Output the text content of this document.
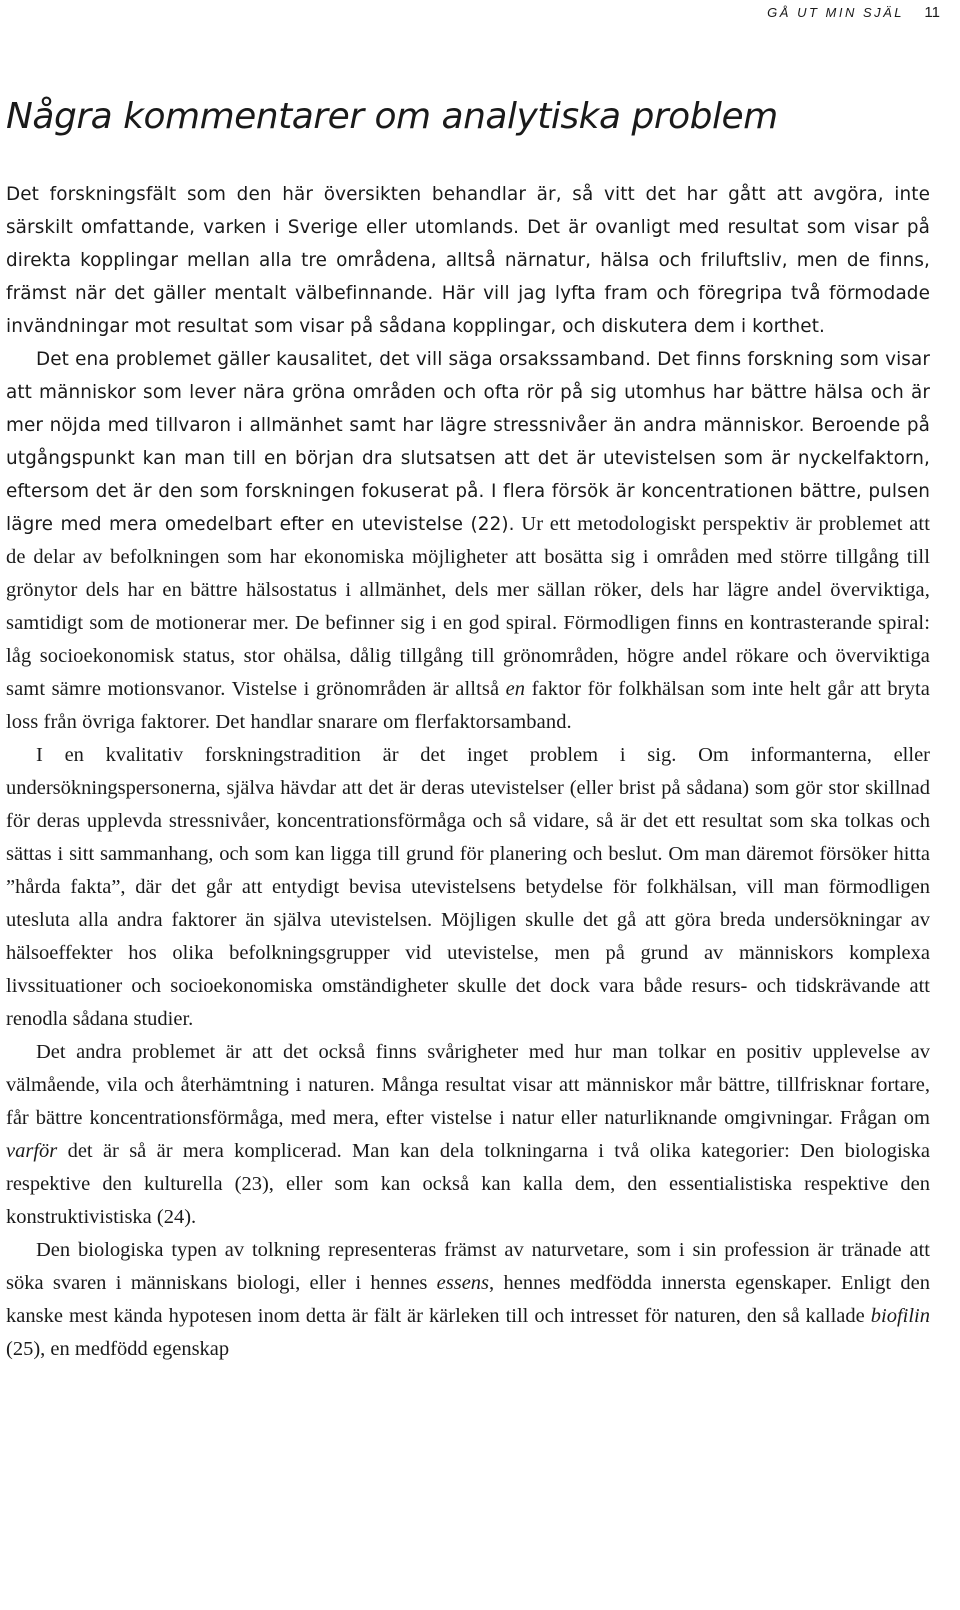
GÅ UT MIN SJÄL 11
Några kommentarer om analytiska problem

Det forskningsfält som den här översikten behandlar är, så vitt det har gått att avgöra, inte särskilt omfattande, varken i Sverige eller utomlands. Det är ovanligt med resultat som visar på direkta kopplingar mellan alla tre områdena, alltså närnatur, hälsa och friluftsliv, men de finns, främst när det gäller mentalt välbefinnande. Här vill jag lyfta fram och föregripa två förmodade invändningar mot resultat som visar på sådana kopplingar, och diskutera dem i korthet.

Det ena problemet gäller kausalitet, det vill säga orsakssamband. Det finns forskning som visar att människor som lever nära gröna områden och ofta rör på sig utomhus har bättre hälsa och är mer nöjda med tillvaron i allmänhet samt har lägre stressnivåer än andra människor. Beroende på utgångspunkt kan man till en början dra slutsatsen att det är utevistelsen som är nyckelfaktorn, eftersom det är den som forskningen fokuserat på. I flera försök är koncentrationen bättre, pulsen lägre med mera omedelbart efter en utevistelse (22). Ur ett metodologiskt perspektiv är problemet att de delar av befolkningen som har ekonomiska möjligheter att bosätta sig i områden med större tillgång till grönytor dels har en bättre hälsostatus i allmänhet, dels mer sällan röker, dels har lägre andel överviktiga, samtidigt som de motionerar mer. De befinner sig i en god spiral. Förmodligen finns en kontrasterande spiral: låg socioekonomisk status, stor ohälsa, dålig tillgång till grönområden, högre andel rökare och överviktiga samt sämre motionsvanor. Vistelse i grönområden är alltså en faktor för folkhälsan som inte helt går att bryta loss från övriga faktorer. Det handlar snarare om flerfaktorsamband.

I en kvalitativ forskningstradition är det inget problem i sig. Om informanterna, eller undersökningspersonerna, själva hävdar att det är deras utevistelser (eller brist på sådana) som gör stor skillnad för deras upplevda stressnivåer, koncentrationsförmåga och så vidare, så är det ett resultat som ska tolkas och sättas i sitt sammanhang, och som kan ligga till grund för planering och beslut. Om man däremot försöker hitta ”hårda fakta”, där det går att entydigt bevisa utevistelsens betydelse för folkhälsan, vill man förmodligen utesluta alla andra faktorer än själva utevistelsen. Möjligen skulle det gå att göra breda undersökningar av hälsoeffekter hos olika befolkningsgrupper vid utevistelse, men på grund av människors komplexa livssituationer och socioekonomiska omständigheter skulle det dock vara både resurs- och tidskrävande att renodla sådana studier.

Det andra problemet är att det också finns svårigheter med hur man tolkar en positiv upplevelse av välmående, vila och återhämtning i naturen. Många resultat visar att människor mår bättre, tillfrisknar fortare, får bättre koncentrationsförmåga, med mera, efter vistelse i natur eller naturliknande omgivningar. Frågan om varför det är så är mera komplicerad. Man kan dela tolkningarna i två olika kategorier: Den biologiska respektive den kulturella (23), eller som kan också kan kalla dem, den essentialistiska respektive den konstruktivistiska (24).

Den biologiska typen av tolkning representeras främst av naturvetare, som i sin profession är tränade att söka svaren i människans biologi, eller i hennes essens, hennes medfödda innersta egenskaper. Enligt den kanske mest kända hypotesen inom detta är fält är kärleken till och intresset för naturen, den så kallade biofilin (25), en medfödd egenskap
